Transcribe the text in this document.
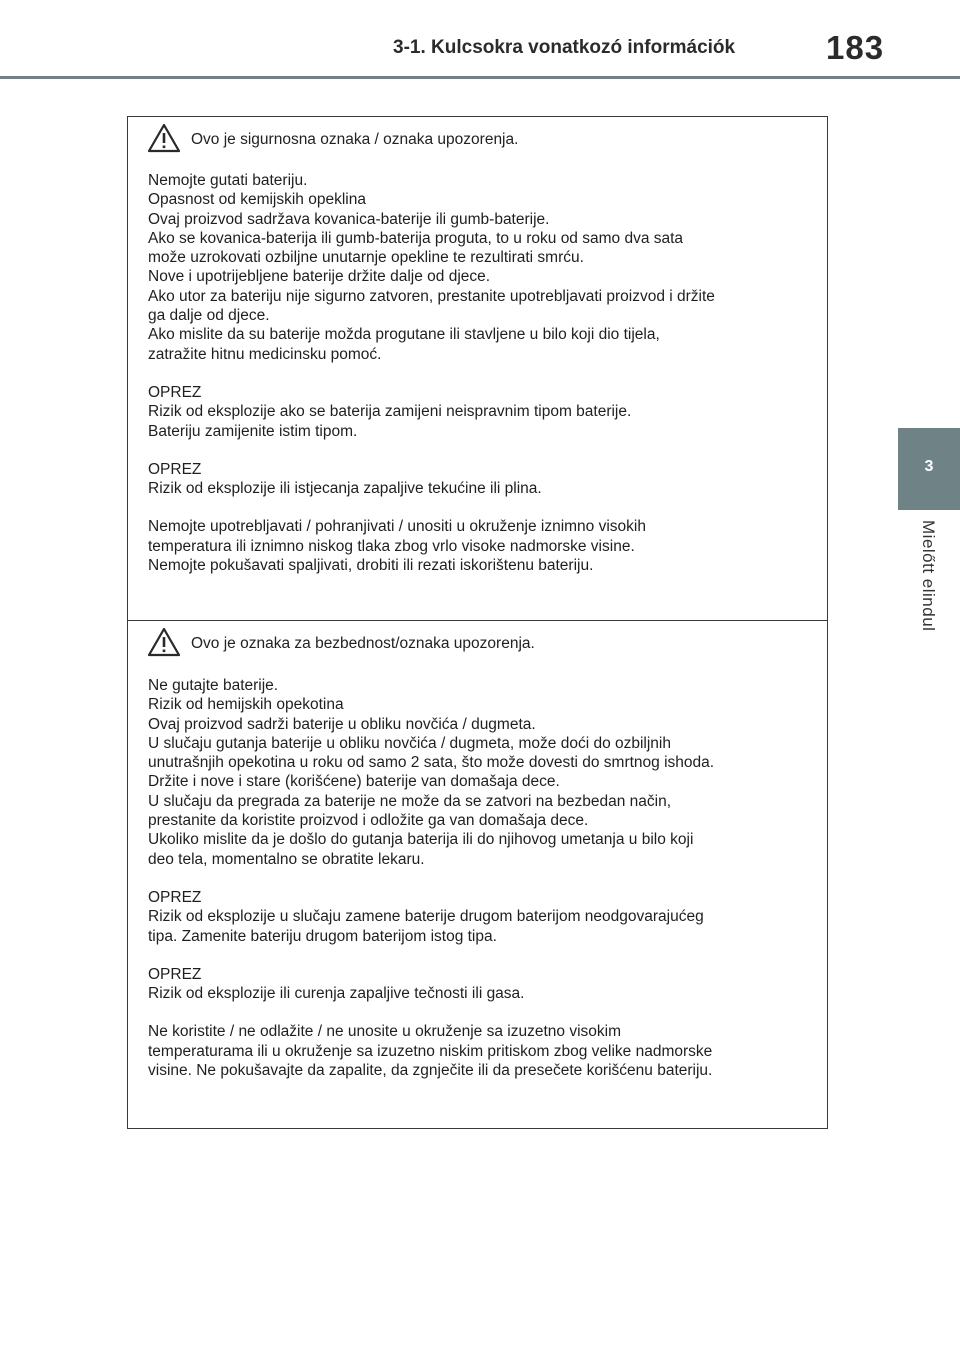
3-1. Kulcsokra vonatkozó információk	183
3
Mielőtt elindul
Ovo je sigurnosna oznaka / oznaka upozorenja.

Nemojte gutati bateriju.

Opasnost od kemijskih opeklina

Ovaj proizvod sadržava kovanica-baterije ili gumb-baterije.

Ako se kovanica-baterija ili gumb-baterija proguta, to u roku od samo dva sata

može uzrokovati ozbiljne unutarnje opekline te rezultirati smrću.

Nove i upotrijebljene baterije držite dalje od djece.

Ako utor za bateriju nije sigurno zatvoren, prestanite upotrebljavati proizvod i držite

ga dalje od djece.

Ako mislite da su baterije možda progutane ili stavljene u bilo koji dio tijela,

zatražite hitnu medicinsku pomoć.

OPREZ

Rizik od eksplozije ako se baterija zamijeni neispravnim tipom baterije.

Bateriju zamijenite istim tipom.

OPREZ

Rizik od eksplozije ili istjecanja zapaljive tekućine ili plina.

Nemojte upotrebljavati / pohranjivati / unositi u okruženje iznimno visokih

temperatura ili iznimno niskog tlaka zbog vrlo visoke nadmorske visine.

Nemojte pokušavati spaljivati, drobiti ili rezati iskorištenu bateriju.

Ovo je oznaka za bezbednost/oznaka upozorenja.

Ne gutajte baterije.

Rizik od hemijskih opekotina

Ovaj proizvod sadrži baterije u obliku novčića / dugmeta.

U slučaju gutanja baterije u obliku novčića / dugmeta, može doći do ozbiljnih

unutrašnjih opekotina u roku od samo 2 sata, što može dovesti do smrtnog ishoda.

Držite i nove i stare (korišćene) baterije van domašaja dece.

U slučaju da pregrada za baterije ne može da se zatvori na bezbedan način,

prestanite da koristite proizvod i odložite ga van domašaja dece.

Ukoliko mislite da je došlo do gutanja baterija ili do njihovog umetanja u bilo koji

deo tela, momentalno se obratite lekaru.

OPREZ

Rizik od eksplozije u slučaju zamene baterije drugom baterijom neodgovarajućeg

tipa. Zamenite bateriju drugom baterijom istog tipa.

OPREZ

Rizik od eksplozije ili curenja zapaljive tečnosti ili gasa.

Ne koristite / ne odlažite / ne unosite u okruženje sa izuzetno visokim

temperaturama ili u okruženje sa izuzetno niskim pritiskom zbog velike nadmorske

visine. Ne pokušavajte da zapalite, da zgnječite ili da presečete korišćenu bateriju.
